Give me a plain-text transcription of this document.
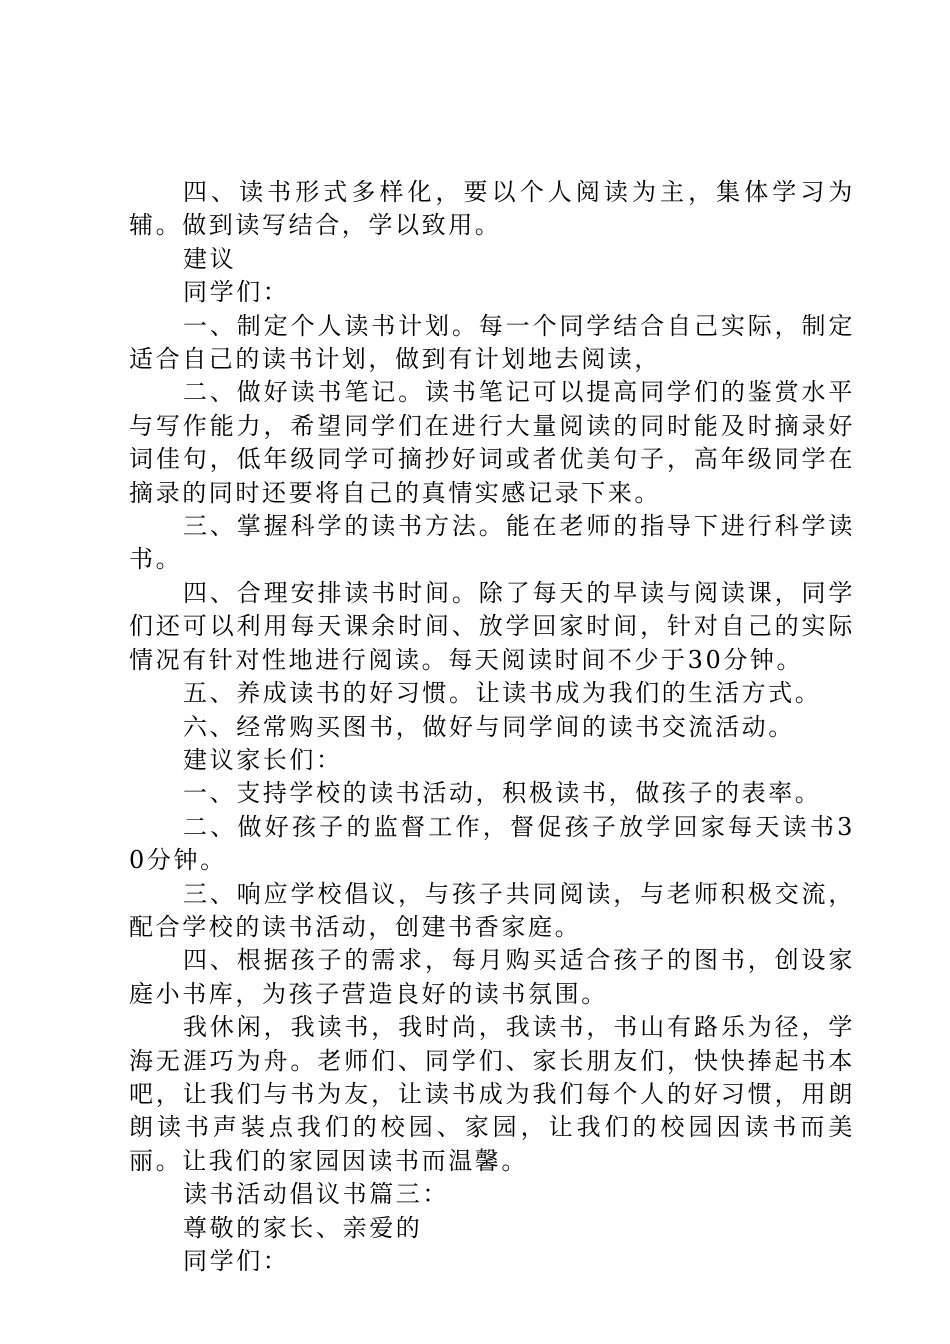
四、读书形式多样化，要以个人阅读为主，集体学习为辅。做到读写结合，学以致用。

建议

同学们：

一、制定个人读书计划。每一个同学结合自己实际，制定适合自己的读书计划，做到有计划地去阅读，

二、做好读书笔记。读书笔记可以提高同学们的鉴赏水平与写作能力，希望同学们在进行大量阅读的同时能及时摘录好词佳句，低年级同学可摘抄好词或者优美句子，高年级同学在摘录的同时还要将自己的真情实感记录下来。

三、掌握科学的读书方法。能在老师的指导下进行科学读书。

四、合理安排读书时间。除了每天的早读与阅读课，同学们还可以利用每天课余时间、放学回家时间，针对自己的实际情况有针对性地进行阅读。每天阅读时间不少于30分钟。

五、养成读书的好习惯。让读书成为我们的生活方式。

六、经常购买图书，做好与同学间的读书交流活动。

建议家长们：

一、支持学校的读书活动，积极读书，做孩子的表率。

二、做好孩子的监督工作，督促孩子放学回家每天读书30分钟。

三、响应学校倡议，与孩子共同阅读，与老师积极交流，配合学校的读书活动，创建书香家庭。

四、根据孩子的需求，每月购买适合孩子的图书，创设家庭小书库，为孩子营造良好的读书氛围。

我休闲，我读书，我时尚，我读书，书山有路乐为径，学海无涯巧为舟。老师们、同学们、家长朋友们，快快捧起书本吧，让我们与书为友，让读书成为我们每个人的好习惯，用朗朗读书声装点我们的校园、家园，让我们的校园因读书而美丽。让我们的家园因读书而温馨。

读书活动倡议书篇三：

尊敬的家长、亲爱的

同学们：
